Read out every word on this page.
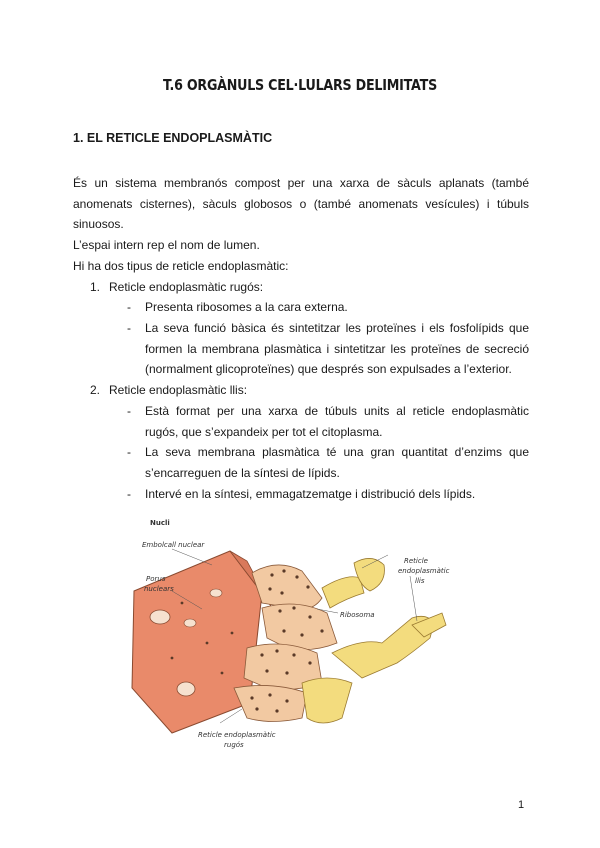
T.6 ORGÀNULS CEL·LULARS DELIMITATS
1. EL RETICLE ENDOPLASMÀTIC
És un sistema membranós compost per una xarxa de sàculs aplanats (també anomenats cisternes), sàculs globosos o (també anomenats vesícules) i túbuls sinuosos.
L’espai intern rep el nom de lumen.
Hi ha dos tipus de reticle endoplasmàtic:
1. Reticle endoplasmàtic rugós:
- Presenta ribosomes a la cara externa.
- La seva funció bàsica és sintetitzar les proteïnes i els fosfolípids que formen la membrana plasmàtica i sintetitzar les proteïnes de secreció (normalment glicoproteïnes) que després son expulsades a l’exterior.
2. Reticle endoplasmàtic llis:
- Està format per una xarxa de túbuls units al reticle endoplasmàtic rugós, que s’expandeix per tot el citoplasma.
- La seva membrana plasmàtica té una gran quantitat d’enzims que s’encarreguen de la síntesi de lípids.
- Intervé en la síntesi, emmagatzematge i distribució dels lípids.
Nucli
Embolcall nuclear
Porus
nuclears
Ribosoma
Reticle
endoplasmàtic
llis
Reticle endoplasmàtic
rugós
1
